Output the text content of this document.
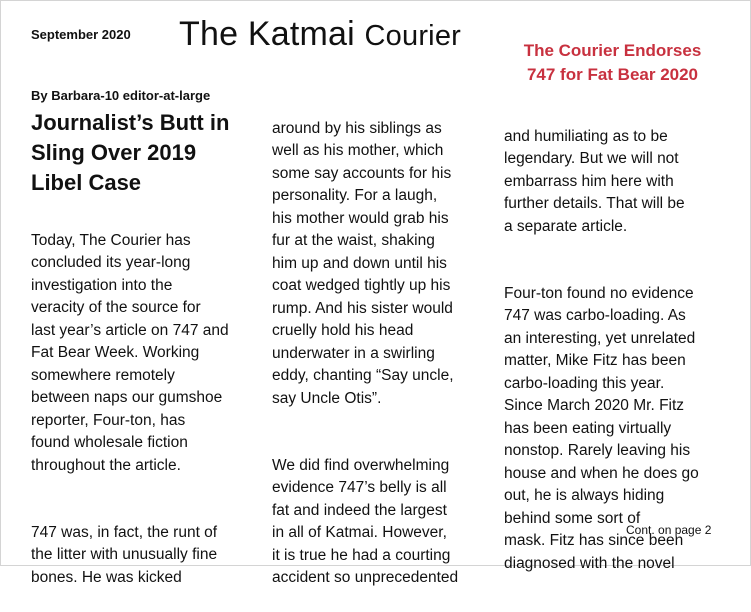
September 2020 The Katmai Courier	The Courier Endorses
747 for Fat Bear 2020
By Barbara-10 editor-at-large
Journalist’s Butt in
Sling Over 2019
Libel Case

Today, The Courier has
concluded its year-long
investigation into the
veracity of the source for
last year’s article on 747 and
Fat Bear Week. Working
somewhere remotely
between naps our gumshoe
reporter, Four-ton, has
found wholesale fiction
throughout the article.

747 was, in fact, the runt of
the litter with unusually fine
bones. He was kicked

around by his siblings as
well as his mother, which
some say accounts for his
personality. For a laugh,
his mother would grab his
fur at the waist, shaking
him up and down until his
coat wedged tightly up his
rump. And his sister would
cruelly hold his head
underwater in a swirling
eddy, chanting “Say uncle,
say Uncle Otis”.

We did find overwhelming
evidence 747’s belly is all
fat and indeed the largest
in all of Katmai. However,
it is true he had a courting
accident so unprecedented

and humiliating as to be
legendary. But we will not
embarrass him here with
further details. That will be
a separate article.

Four-ton found no evidence
747 was carbo-loading. As
an interesting, yet unrelated
matter, Mike Fitz has been
carbo-loading this year.
Since March 2020 Mr. Fitz
has been eating virtually
nonstop. Rarely leaving his
house and when he does go
out, he is always hiding
behind some sort of
mask. Fitz has since been
diagnosed with the novel

Cont. on page 2
